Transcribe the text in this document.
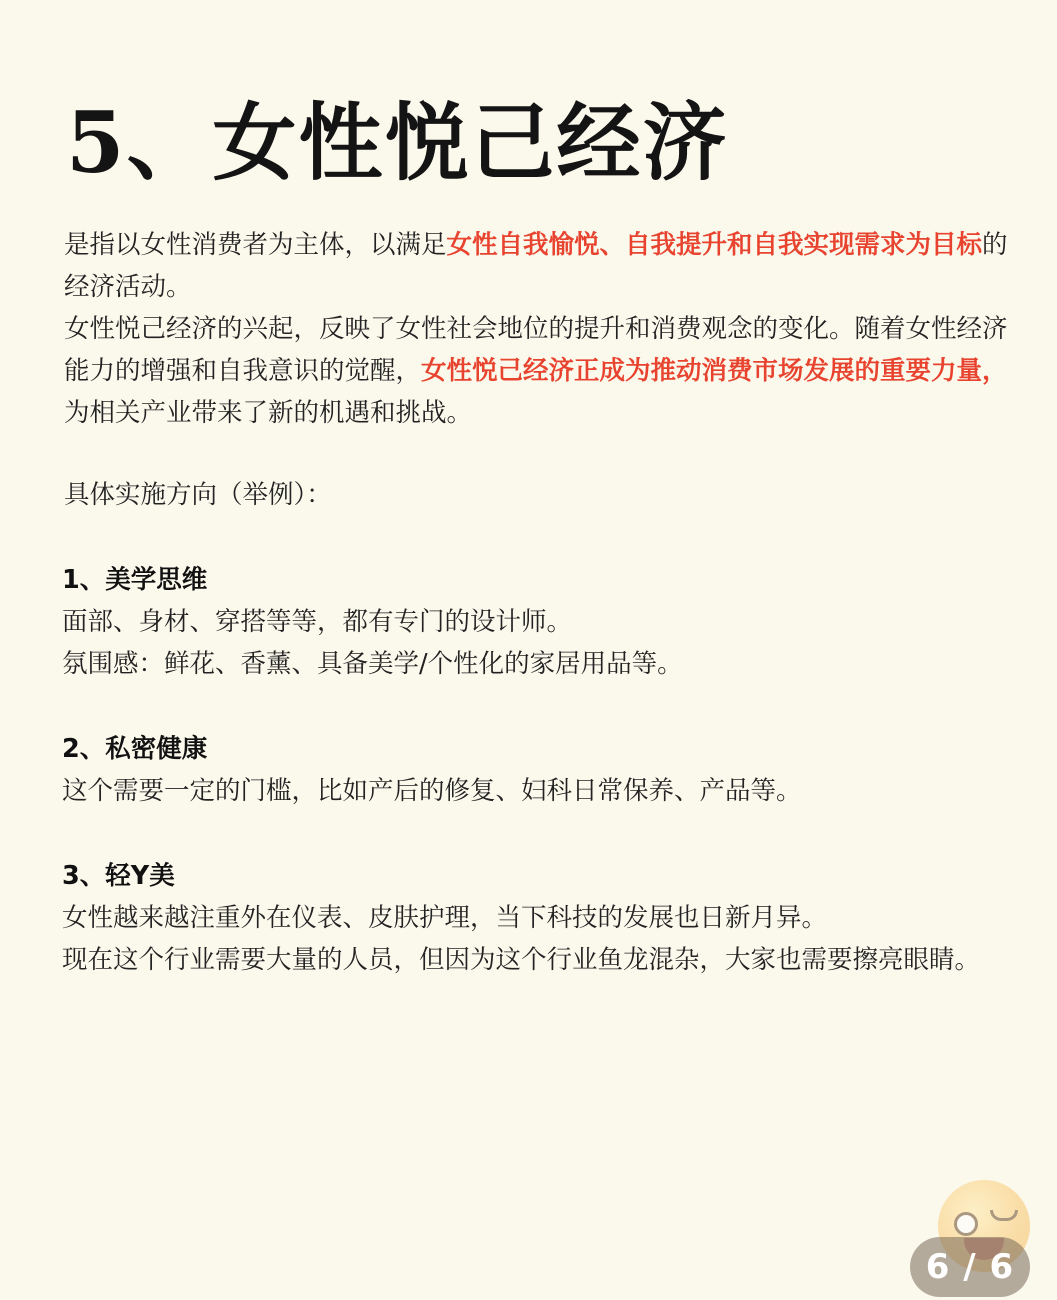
5、女性悦己经济

是指以女性消费者为主体，以满足女性自我愉悦、自我提升和自我实现需求为目标的经济活动。

女性悦己经济的兴起，反映了女性社会地位的提升和消费观念的变化。随着女性经济能力的增强和自我意识的觉醒，女性悦己经济正成为推动消费市场发展的重要力量，为相关产业带来了新的机遇和挑战。

具体实施方向（举例）：

1、美学思维

面部、身材、穿搭等等，都有专门的设计师。

氛围感：鲜花、香薰、具备美学/个性化的家居用品等。

2、私密健康

这个需要一定的门槛，比如产后的修复、妇科日常保养、产品等。

3、轻Y美

女性越来越注重外在仪表、皮肤护理，当下科技的发展也日新月异。

现在这个行业需要大量的人员，但因为这个行业鱼龙混杂，大家也需要擦亮眼睛。

6 / 6
